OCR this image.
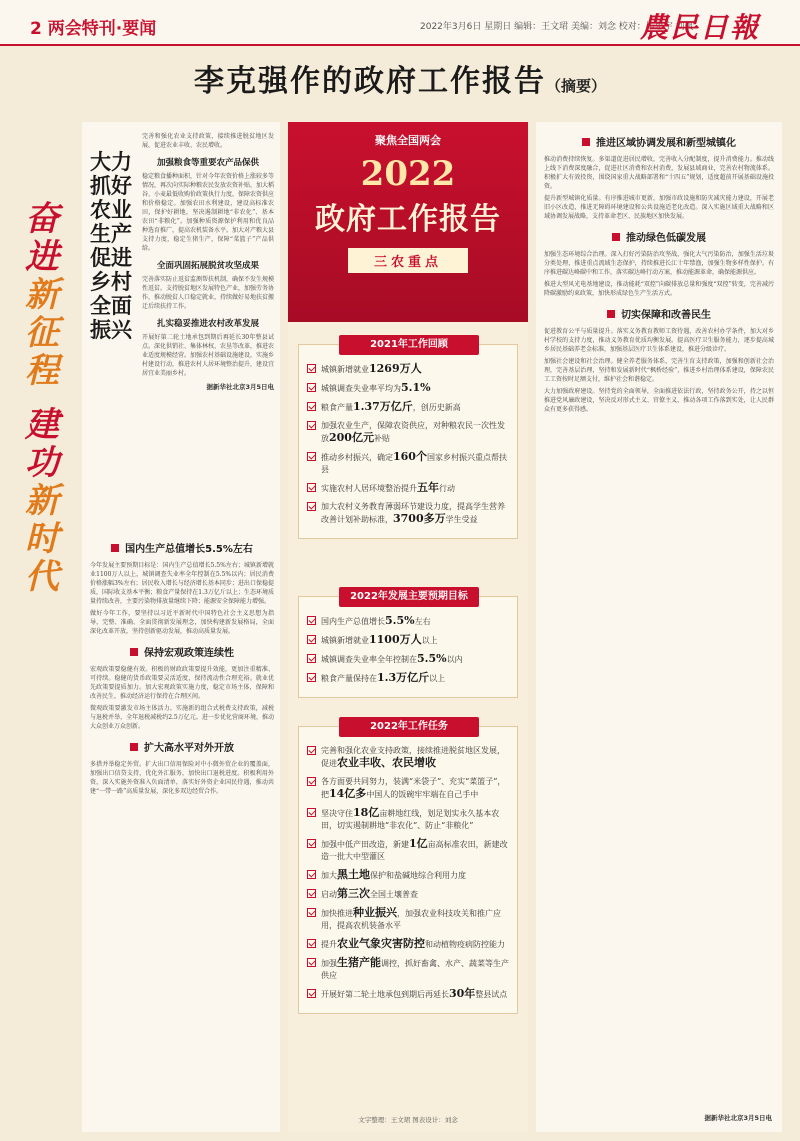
2 两会特刊·要闻	2022年3月6日 星期日 编辑：王文珺 美编：刘念 校对：毕思宇 刘爽
農民日報
李克强作的政府工作报告（摘要）
奋进
新征程
建功
新时代
大力抓好农业生产 促进乡村全面振兴

完善和强化农业支持政策，接续推进脱贫地区发展，促进农业丰收、农民增收。

加强粮食等重要农产品保供

稳定粮食播种面积，针对今年农资价格上涨较多等情况，再次向实际种粮农民发放农资补贴，加大稻谷、小麦最低收购价政策执行力度，保障农资供应和价格稳定。加强农田水利建设，建设高标准农田，保护好耕地，坚决遏制耕地“非农化”、基本农田“非粮化”。加强种质资源保护利用和优良品种选育推广，提高农机装备水平。加大对产粮大县支持力度，稳定生猪生产，保障“菜篮子”产品供给。

全面巩固拓展脱贫攻坚成果

完善落实防止返贫监测帮扶机制，确保不发生规模性返贫。支持脱贫地区发展特色产业，加强劳务协作，推动脱贫人口稳定就业，持续做好易地扶贫搬迁后续扶持工作。

扎实稳妥推进农村改革发展

开展好第二轮土地承包到期后再延长30年整县试点。深化供销社、集体林权、农垦等改革，推进农业适度规模经营。加强农村基础设施建设，实施乡村建设行动，推进农村人居环境整治提升，建设宜居宜业美丽乡村。

据新华社北京3月5日电
国内生产总值增长5.5%左右

今年发展主要预期目标是：国内生产总值增长5.5%左右；城镇新增就业1100万人以上，城镇调查失业率全年控制在5.5%以内；居民消费价格涨幅3%左右；居民收入增长与经济增长基本同步；进出口保稳提质，国际收支基本平衡；粮食产量保持在1.3万亿斤以上；生态环境质量持续改善，主要污染物排放量继续下降；能源安全保障能力增强。

做好今年工作，要坚持以习近平新时代中国特色社会主义思想为指导，完整、准确、全面贯彻新发展理念，加快构建新发展格局，全面深化改革开放，坚持创新驱动发展，推动高质量发展。

保持宏观政策连续性

宏观政策要稳健有效。积极的财政政策要提升效能，更加注重精准、可持续。稳健的货币政策要灵活适度，保持流动性合理充裕。就业优先政策要提质加力。加大宏观政策实施力度，稳定市场主体，保障和改善民生，推动经济运行保持在合理区间。

微观政策要激发市场主体活力。实施新的组合式税费支持政策，减税与退税并举，全年退税减税约2.5万亿元。进一步优化营商环境，推动大众创业万众创新。

扩大高水平对外开放

多措并举稳定外贸。扩大出口信用保险对中小微外贸企业的覆盖面，加强出口信贷支持，优化外汇服务，加快出口退税进度。积极利用外资，深入实施外资准入负面清单，落实好外资企业国民待遇，推动共建“一带一路”高质量发展，深化多双边经贸合作。

聚焦全国两会
2022
政府工作报告
三农重点
2021年工作回顾
城镇新增就业1269万人
城镇调查失业率平均为5.1%
粮食产量1.37万亿斤，创历史新高
加强农业生产，保障农资供应，对种粮农民一次性发放200亿元补贴
推动乡村振兴，确定160个国家乡村振兴重点帮扶县
实施农村人居环境整治提升五年行动
加大农村义务教育薄弱环节建设力度，提高学生营养改善计划补助标准，3700多万学生受益
2022年发展主要预期目标
国内生产总值增长5.5%左右
城镇新增就业1100万人以上
城镇调查失业率全年控制在5.5%以内
粮食产量保持在1.3万亿斤以上
2022年工作任务
完善和强化农业支持政策，接续推进脱贫地区发展，促进农业丰收、农民增收
各方面要共同努力，装满“米袋子”、充实“菜篮子”，把14亿多中国人的饭碗牢牢端在自己手中
坚决守住18亿亩耕地红线，划足划实永久基本农田，切实遏制耕地“非农化”、防止“非粮化”
加强中低产田改造，新建1亿亩高标准农田，新建改造一批大中型灌区
加大黑土地保护和盐碱地综合利用力度
启动第三次全国土壤普查
加快推进种业振兴，加强农业科技攻关和推广应用，提高农机装备水平
提升农业气象灾害防控和动植物疫病防控能力
加强生猪产能调控，抓好畜禽、水产、蔬菜等生产供应
开展好第二轮土地承包到期后再延长30年整县试点
文字整理：王文珺 图表设计：刘念
推进区域协调发展和新型城镇化

推动消费持续恢复。多渠道促进居民增收，完善收入分配制度，提升消费能力。推动线上线下消费深度融合，促进社区消费和农村消费，发展县域商业，完善农村物流体系。积极扩大有效投资，围绕国家重大战略部署和“十四五”规划，适度超前开展基础设施投资。

提升新型城镇化质量。有序推进城市更新，加强市政设施和防灾减灾能力建设，开展老旧小区改造，推进无障碍环境建设和公共设施适老化改造。深入实施区域重大战略和区域协调发展战略，支持革命老区、民族地区加快发展。

推动绿色低碳发展

加强生态环境综合治理。深入打好污染防治攻坚战，强化大气污染防治，加强生活垃圾分类处理，推进重点流域生态保护，持续推进长江十年禁渔，加强生物多样性保护。有序推进碳达峰碳中和工作，落实碳达峰行动方案，推动能源革命，确保能源供应。

推进大型风光电基地建设，推动能耗“双控”向碳排放总量和强度“双控”转变，完善减污降碳激励约束政策，加快形成绿色生产生活方式。

切实保障和改善民生

促进教育公平与质量提升。落实义务教育教师工资待遇，改善农村办学条件，加大对乡村学校的支持力度，推动义务教育优质均衡发展。提高医疗卫生服务能力，逐步提高城乡居民基础养老金标准，加强基层医疗卫生体系建设，推进分级诊疗。

加强社会建设和社会治理。健全养老服务体系，完善生育支持政策，加强和创新社会治理，完善基层治理，坚持和发展新时代“枫桥经验”，推进乡村治理体系建设，保障农民工工资按时足额支付，维护社会和谐稳定。

大力加强政府建设。坚持党的全面领导，全面推进依法行政，坚持政务公开，持之以恒推进党风廉政建设，坚决反对形式主义、官僚主义，推动各项工作落到实处，让人民群众有更多获得感。

据新华社北京3月5日电
